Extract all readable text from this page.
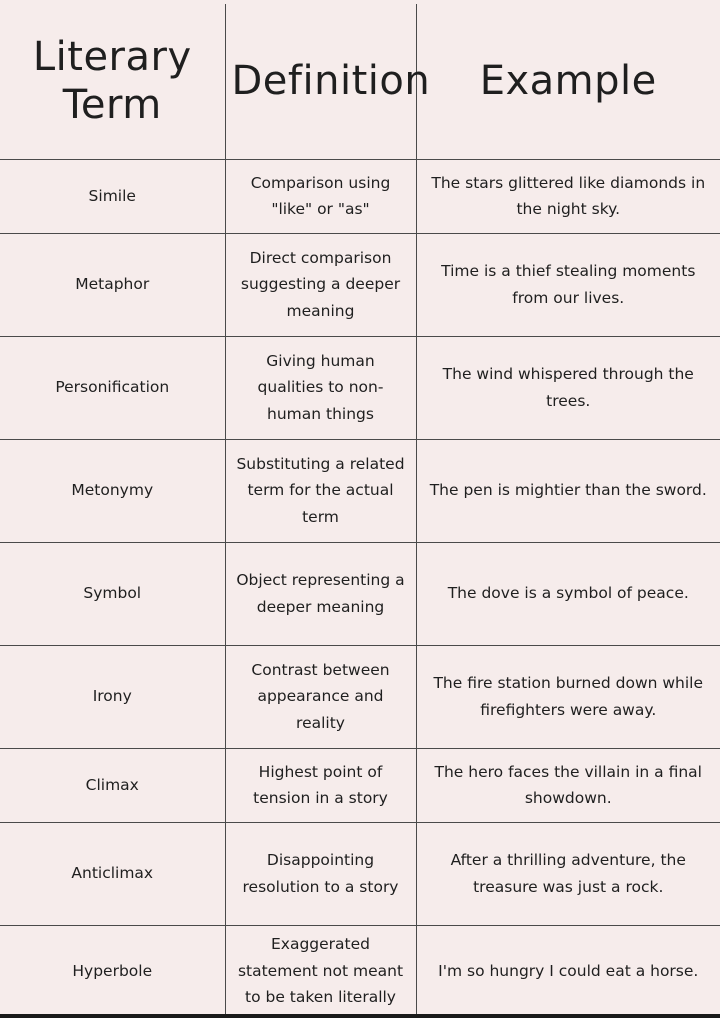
Literary Term	Definition	Example
Simile	Comparison using "like" or "as"	The stars glittered like diamonds in the night sky.
Metaphor	Direct comparison suggesting a deeper meaning	Time is a thief stealing moments from our lives.
Personification	Giving human qualities to non-human things	The wind whispered through the trees.
Metonymy	Substituting a related term for the actual term	The pen is mightier than the sword.
Symbol	Object representing a deeper meaning	The dove is a symbol of peace.
Irony	Contrast between appearance and reality	The fire station burned down while firefighters were away.
Climax	Highest point of tension in a story	The hero faces the villain in a final showdown.
Anticlimax	Disappointing resolution to a story	After a thrilling adventure, the treasure was just a rock.
Hyperbole	Exaggerated statement not meant to be taken literally	I'm so hungry I could eat a horse.
